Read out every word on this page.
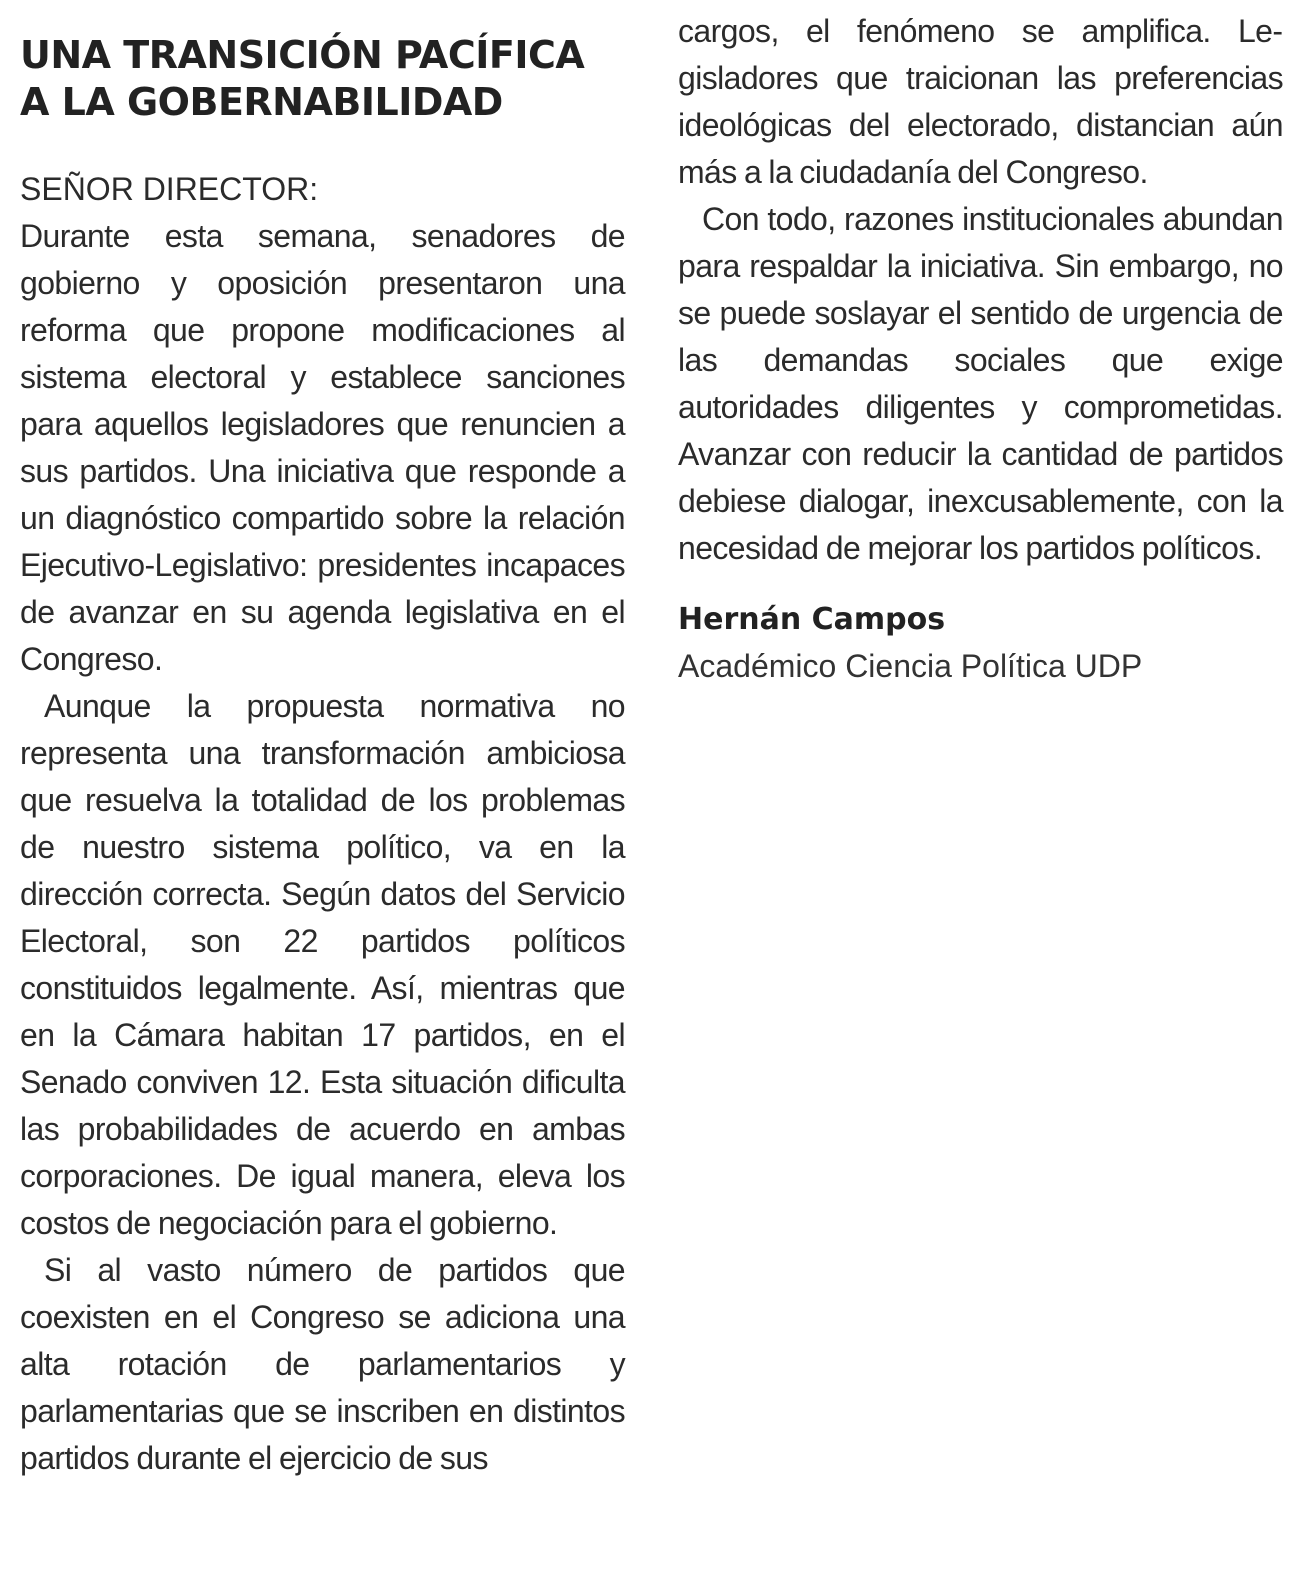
UNA TRANSICIÓN PACÍFICA A LA GOBERNABILIDAD
SEÑOR DIRECTOR:

Durante esta semana, senadores de gobierno y oposición presentaron una reforma que propone modificaciones al sistema electoral y establece sanciones para aquellos legisladores que renuncien a sus partidos. Una iniciativa que responde a un diagnóstico compartido sobre la relación Ejecutivo-Legislativo: presidentes incapaces de avanzar en su agenda legislativa en el Congreso.

Aunque la propuesta normativa no representa una transformación ambiciosa que resuelva la totalidad de los problemas de nuestro sistema político, va en la dirección correcta. Según datos del Servicio Electoral, son 22 partidos políticos constituidos legalmente. Así, mientras que en la Cámara habitan 17 partidos, en el Senado conviven 12. Esta situación dificulta las probabilidades de acuerdo en ambas corporaciones. De igual manera, eleva los costos de negociación para el gobierno.

Si al vasto número de partidos que coexisten en el Congreso se adiciona una alta rotación de parlamentarios y parlamentarias que se inscriben en distintos partidos durante el ejercicio de sus

cargos, el fenómeno se amplifica. Legisladores que traicionan las preferencias ideológicas del electorado, distancian aún más a la ciudadanía del Congreso.

Con todo, razones institucionales abundan para respaldar la iniciativa. Sin embargo, no se puede soslayar el sentido de urgencia de las demandas sociales que exige autoridades diligentes y comprometidas. Avanzar con reducir la cantidad de partidos debiese dialogar, inexcusablemente, con la necesidad de mejorar los partidos políticos.

Hernán Campos
Académico Ciencia Política UDP
